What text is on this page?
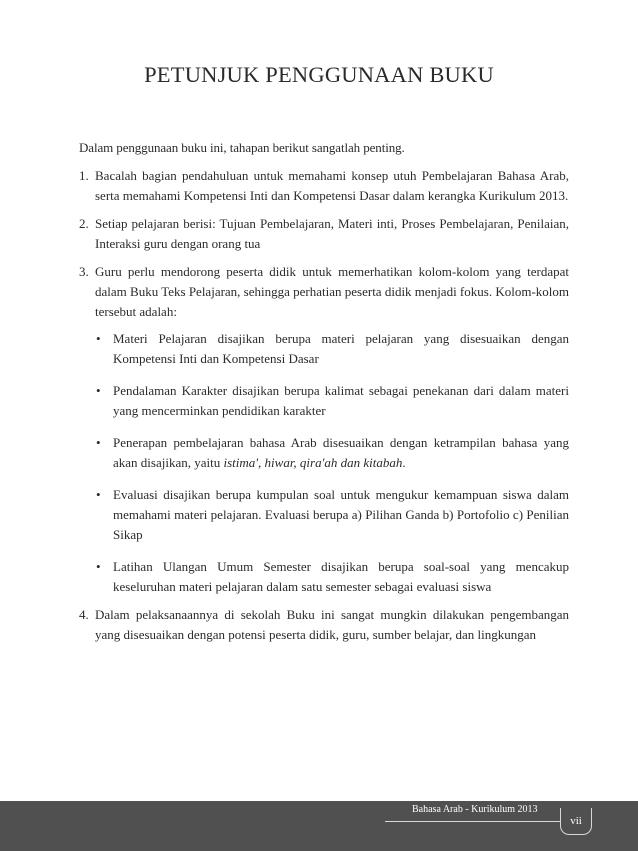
PETUNJUK PENGGUNAAN BUKU

Dalam penggunaan buku ini, tahapan berikut sangatlah penting.

1. Bacalah bagian pendahuluan untuk memahami konsep utuh Pembelajaran Bahasa Arab, serta memahami Kompetensi Inti dan Kompetensi Dasar dalam kerangka Kurikulum 2013.
2. Setiap pelajaran berisi: Tujuan Pembelajaran, Materi inti, Proses Pembelajaran, Penilaian, Interaksi guru dengan orang tua
3. Guru perlu mendorong peserta didik untuk memerhatikan kolom-kolom yang terdapat dalam Buku Teks Pelajaran, sehingga perhatian peserta didik menjadi fokus. Kolom-kolom tersebut adalah:
• Materi Pelajaran disajikan berupa materi pelajaran yang disesuaikan dengan Kompetensi Inti dan Kompetensi Dasar
• Pendalaman Karakter disajikan berupa kalimat sebagai penekanan dari dalam materi yang mencerminkan pendidikan karakter
• Penerapan pembelajaran bahasa Arab disesuaikan dengan ketrampilan bahasa yang akan disajikan, yaitu istima', hiwar, qira'ah dan kitabah.
• Evaluasi disajikan berupa kumpulan soal untuk mengukur kemampuan siswa dalam memahami materi pelajaran. Evaluasi berupa a) Pilihan Ganda b) Portofolio c) Penilian Sikap
• Latihan Ulangan Umum Semester disajikan berupa soal-soal yang mencakup keseluruhan materi pelajaran dalam satu semester sebagai evaluasi siswa
4. Dalam pelaksanaannya di sekolah Buku ini sangat mungkin dilakukan pengembangan yang disesuaikan dengan potensi peserta didik, guru, sumber belajar, dan lingkungan
Bahasa Arab - Kurikulum 2013
vii
